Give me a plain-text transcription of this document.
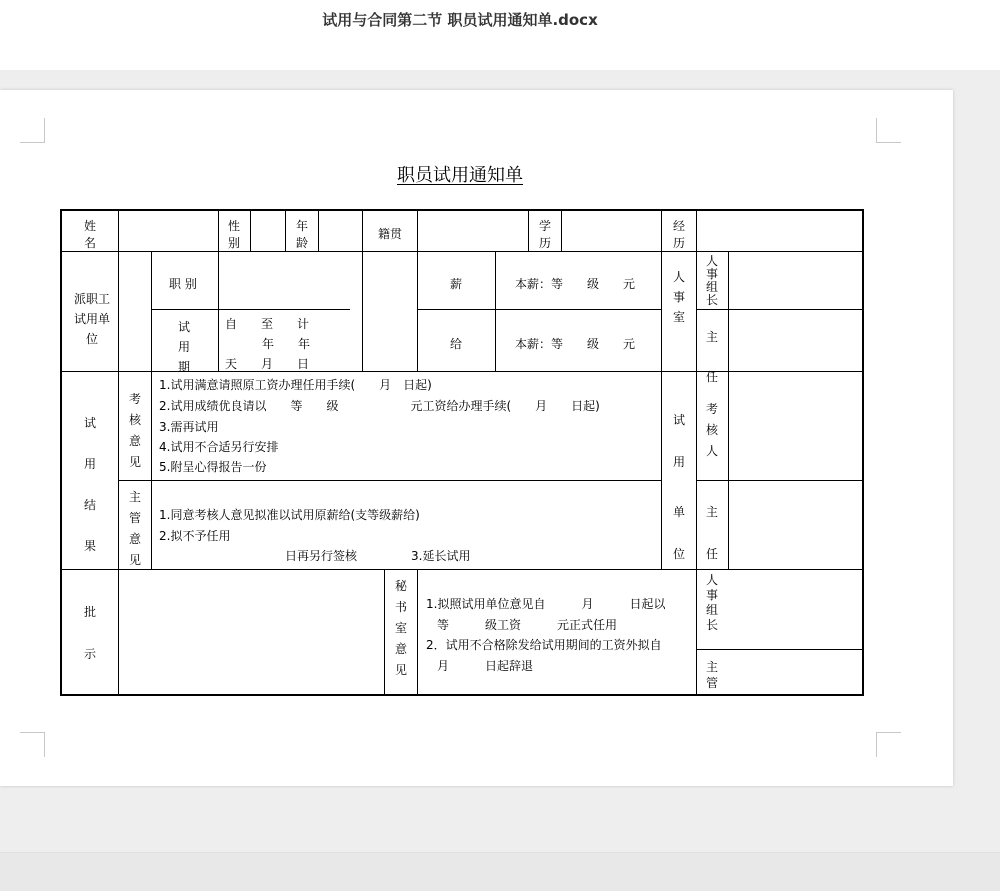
试用与合同第二节 职员试用通知单.docx
职员试用通知单
姓名
性别
年龄
籍贯
学历
经历
派职工试用单位
职 别
试用期
自　　至　　计
年　　年
天　　月　　日
薪
给
本薪：等　　级　　元
本薪：等　　级　　元
人事室
人事组长
主任
试用结果
考核意见
1.试用满意请照原工资办理任用手续(　　月　日起)
2.试用成绩优良请以　　等　　级　　　　　　元工资给办理手续(　　月　　日起)
3.需再试用
4.试用不合适另行安排
5.附呈心得报告一份
试用
考核人
主管意见
1.同意考核人意见拟准以试用原薪给(支等级薪给)
2.拟不予任用
日再另行签核	3.延长试用
单位
主任
批示
秘书室意见
1.拟照试用单位意见自　　　月　　　日起以
等　　　级工资　　　元正式任用
2．试用不合格除发给试用期间的工资外拟自
月　　　日起辞退
人事组长
主管
